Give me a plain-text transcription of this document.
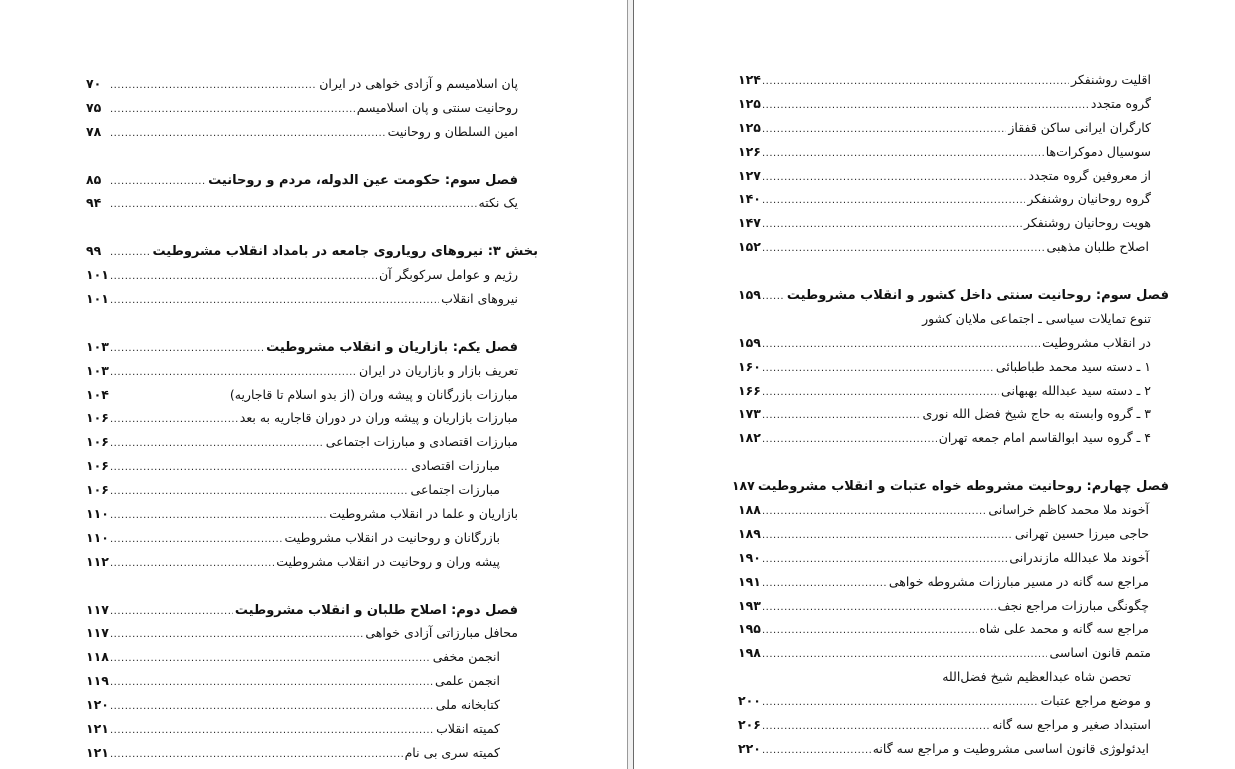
پان اسلامیسم و آزادی خواهی در ایران
.....
۷۰
روحانیت سنتی و پان اسلامیسم
.....
۷۵
امین السلطان و روحانیت
.....
۷۸
فصل سوم: حکومت عین الدوله، مردم و روحانیت
.....
۸۵
یک نکته
.....
۹۴
بخش ۳: نیروهای رویاروی جامعه در بامداد انقلاب مشروطیت
.....
۹۹
رژیم و عوامل سرکوبگر آن
.....
۱۰۱
نیروهای انقلاب
.....
۱۰۱
فصل یکم: بازاریان و انقلاب مشروطیت
.....
۱۰۳
تعریف بازار و بازاریان در ایران
.....
۱۰۳
مبارزات بازرگانان و پیشه وران (از بدو اسلام تا قاجاریه)
۱۰۴
مبارزات بازاریان و پیشه وران در دوران قاجاریه به بعد
.....
۱۰۶
مبارزات اقتصادی و مبارزات اجتماعی
.....
۱۰۶
مبارزات اقتصادی
.....
۱۰۶
مبارزات اجتماعی
.....
۱۰۶
بازاریان و علما در انقلاب مشروطیت
.....
۱۱۰
بازرگانان و روحانیت در انقلاب مشروطیت
.....
۱۱۰
پیشه وران و روحانیت در انقلاب مشروطیت
.....
۱۱۲
فصل دوم: اصلاح طلبان و انقلاب مشروطیت
.....
۱۱۷
محافل مبارزاتی آزادی خواهی
.....
۱۱۷
انجمن مخفی
.....
۱۱۸
انجمن علمی
.....
۱۱۹
کتابخانه ملی
.....
۱۲۰
کمیته انقلاب
.....
۱۲۱
کمیته سری بی نام
.....
۱۲۱
اقلیت روشنفکر
.....
۱۲۴
گروه متجدد
.....
۱۲۵
کارگران ایرانی ساکن قفقاز
.....
۱۲۵
سوسیال دموکرات‌ها
.....
۱۲۶
از معروفین گروه متجدد
.....
۱۲۷
گروه روحانیان روشنفکر
.....
۱۴۰
هویت روحانیان روشنفکر
.....
۱۴۷
اصلاح طلبان مذهبی
.....
۱۵۲
فصل سوم: روحانیت سنتی داخل کشور و انقلاب مشروطیت
.....
۱۵۹
تنوع تمایلات سیاسی ـ اجتماعی ملایان کشور
در انقلاب مشروطیت
.....
۱۵۹
۱ ـ دسته سید محمد طباطبائی
.....
۱۶۰
۲ ـ دسته سید عبدالله بهبهانی
.....
۱۶۶
۳ ـ گروه وابسته به حاج شیخ فضل الله نوری
.....
۱۷۳
۴ ـ گروه سید ابوالقاسم امام جمعه تهران
.....
۱۸۲
فصل چهارم: روحانیت مشروطه خواه عتبات و انقلاب مشروطیت
۱۸۷
آخوند ملا محمد کاظم خراسانی
.....
۱۸۸
حاجی میرزا حسین تهرانی
.....
۱۸۹
آخوند ملا عبدالله مازندرانی
.....
۱۹۰
مراجع سه گانه در مسیر مبارزات مشروطه خواهی
.....
۱۹۱
چگونگی مبارزات مراجع نجف
.....
۱۹۳
مراجع سه گانه و محمد علی شاه
.....
۱۹۵
متمم قانون اساسی
.....
۱۹۸
تحصن شاه عبدالعظیم شیخ فضل‌الله
و موضع مراجع عتبات
.....
۲۰۰
استبداد صغیر و مراجع سه گانه
.....
۲۰۶
ایدئولوژی قانون اساسی مشروطیت و مراجع سه گانه
.....
۲۲۰
